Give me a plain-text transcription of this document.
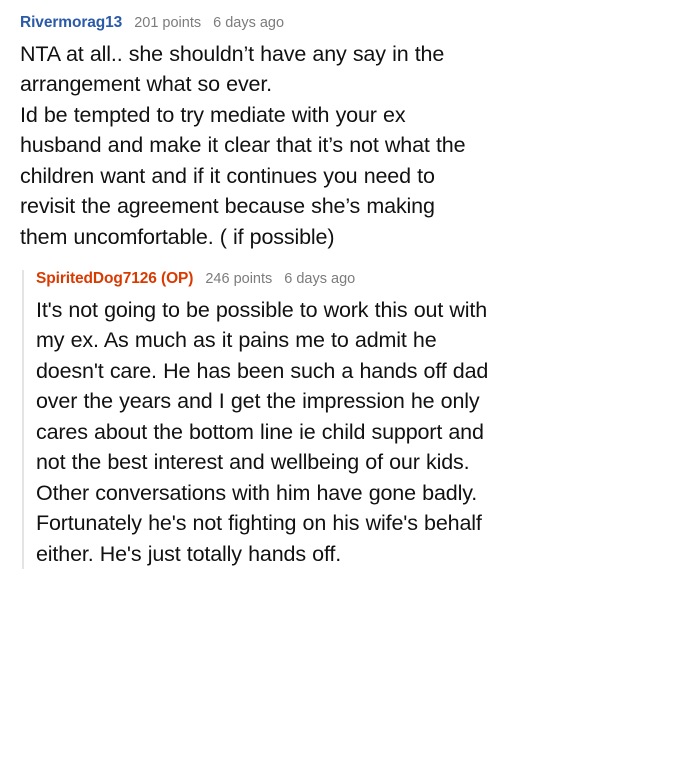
Rivermorag13 201 points 6 days ago

NTA at all.. she shouldn’t have any say in the

arrangement what so ever.

Id be tempted to try mediate with your ex

husband and make it clear that it’s not what the

children want and if it continues you need to

revisit the agreement because she’s making

them uncomfortable. ( if possible)

SpiritedDog7126 (OP) 246 points 6 days ago

It's not going to be possible to work this out with

my ex. As much as it pains me to admit he

doesn't care. He has been such a hands off dad

over the years and I get the impression he only

cares about the bottom line ie child support and

not the best interest and wellbeing of our kids.

Other conversations with him have gone badly.

Fortunately he's not fighting on his wife's behalf

either. He's just totally hands off.
